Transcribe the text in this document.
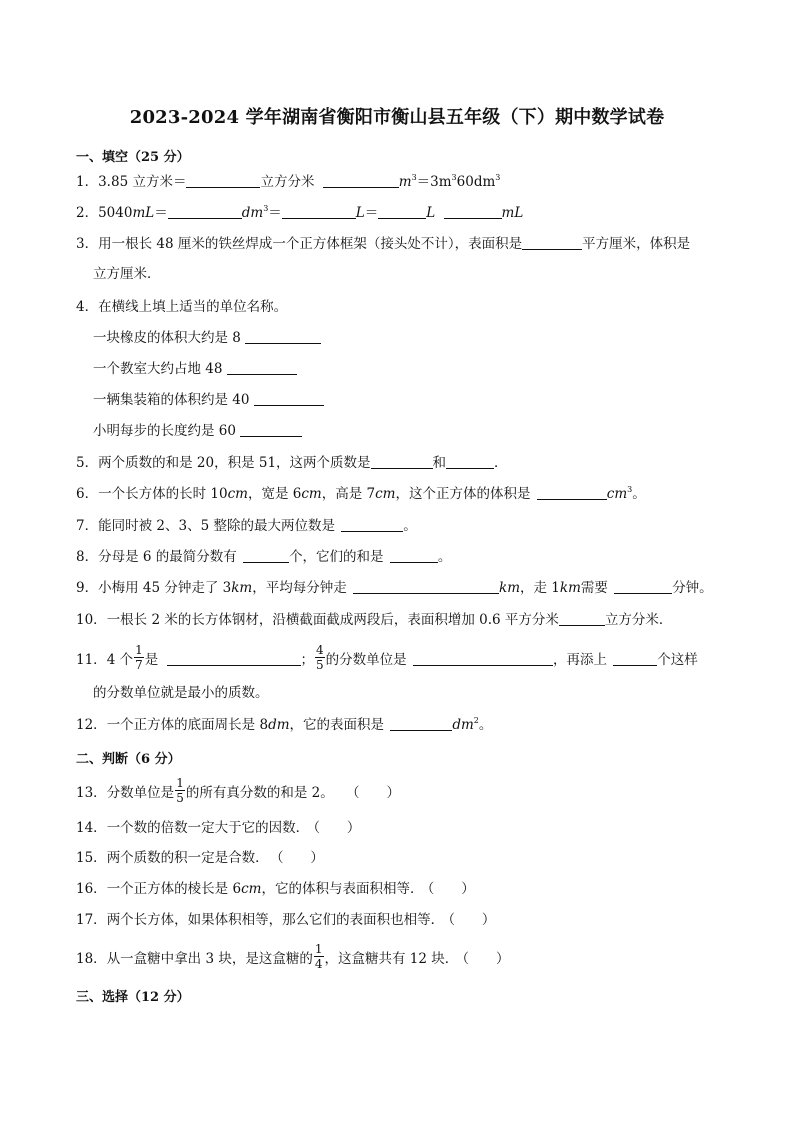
2023-2024 学年湖南省衡阳市衡山县五年级（下）期中数学试卷
一、填空（25 分）
1．3.85 立方米＝	立方分米	$m^3=3m^360dm^3$
2．5040mL＝	$dm^3=$	L＝	L	mL
3．用一根长 48 厘米的铁丝焊成一个正方体框架（接头处不计），表面积是	平方厘米，体积是
立方厘米．
4．在横线上填上适当的单位名称。
一块橡皮的体积大约是 8
一个教室大约占地 48
一辆集装箱的体积约是 40
小明每步的长度约是 60
5．两个质数的和是 20，积是 51，这两个质数是	和	．
6．一个长方体的长时 10cm，宽是 6cm，高是 7cm，这个正方体的体积是	$cm^3$。
7．能同时被 2、3、5 整除的最大两位数是	。
8．分母是 6 的最简分数有	个，它们的和是	。
9．小梅用 45 分钟走了 3km，平均每分钟走	km，走 1km需要	分钟。
10．一根长 2 米的长方体钢材，沿横截面截成两段后，表面积增加 0.6 平方分米	立方分米．
11．4 个 $\frac{1}{7}$ 是	； $\frac{4}{5}$ 的分数单位是	，再添上	个这样
的分数单位就是最小的质数。
12．一个正方体的底面周长是 8dm，它的表面积是	$dm^2$。
二、判断（6 分）
13．分数单位是 $\frac{1}{5}$ 的所有真分数的和是 2。 （　　）
14．一个数的倍数一定大于它的因数． （　　）
15．两个质数的积一定是合数． （　　）
16．一个正方体的棱长是 6cm，它的体积与表面积相等． （　　）
17．两个长方体，如果体积相等，那么它们的表面积也相等． （　　）
18．从一盒糖中拿出 3 块，是这盒糖的 $\frac{1}{4}$ ，这盒糖共有 12 块． （　　）
三、选择（12 分）
